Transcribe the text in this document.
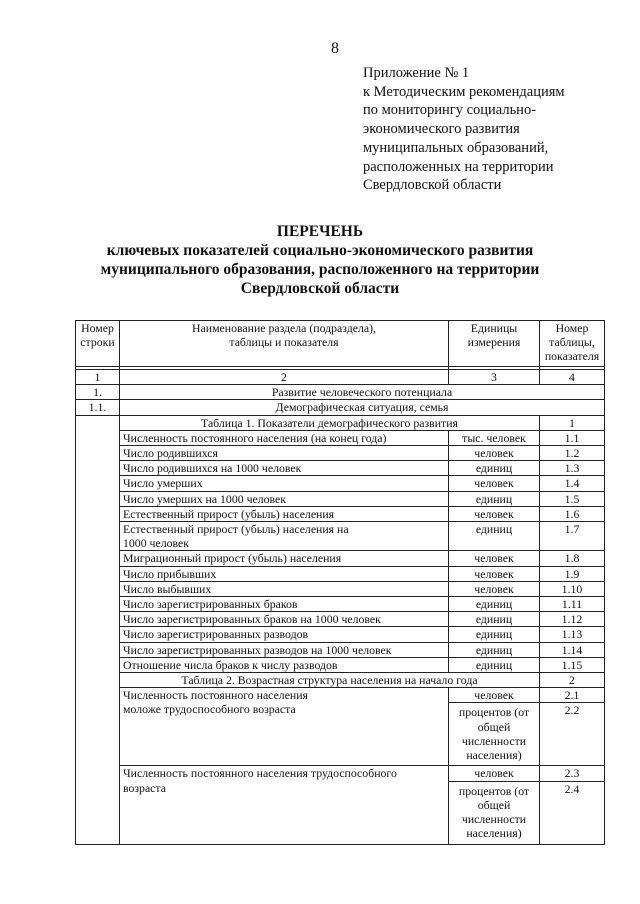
8
Приложение № 1
к Методическим рекомендациям
по мониторингу социально-
экономического развития
муниципальных образований,
расположенных на территории
Свердловской области
ПЕРЕЧЕНЬ
ключевых показателей социально-экономического развития
муниципального образования, расположенного на территории
Свердловской области
Номер строки	Наименование раздела (подраздела), таблицы и показателя	Единицы измерения	Номер таблицы, показателя

1	2	3	4
1.	Развитие человеческого потенциала		
1.1.	Демографическая ситуация, семья		
	Таблица 1. Показатели демографического развития		1
	Численность постоянного населения (на конец года)	тыс. человек	1.1
	Число родившихся	человек	1.2
	Число родившихся на 1000 человек	единиц	1.3
	Число умерших	человек	1.4
	Число умерших на 1000 человек	единиц	1.5
	Естественный прирост (убыль) населения	человек	1.6
	Естественный прирост (убыль) населения на 1000 человек	единиц	1.7
	Миграционный прирост (убыль) населения	человек	1.8
	Число прибывших	человек	1.9
	Число выбывших	человек	1.10
	Число зарегистрированных браков	единиц	1.11
	Число зарегистрированных браков на 1000 человек	единиц	1.12
	Число зарегистрированных разводов	единиц	1.13
	Число зарегистрированных разводов на 1000 человек	единиц	1.14
	Отношение числа браков к числу разводов	единиц	1.15
	Таблица 2. Возрастная структура населения на начало года		2
	Численность постоянного населения моложе трудоспособного возраста	человек	2.1
		процентов (от общей численности населения)	2.2
	Численность постоянного населения трудоспособного возраста	человек	2.3
		процентов (от общей численности населения)	2.4
